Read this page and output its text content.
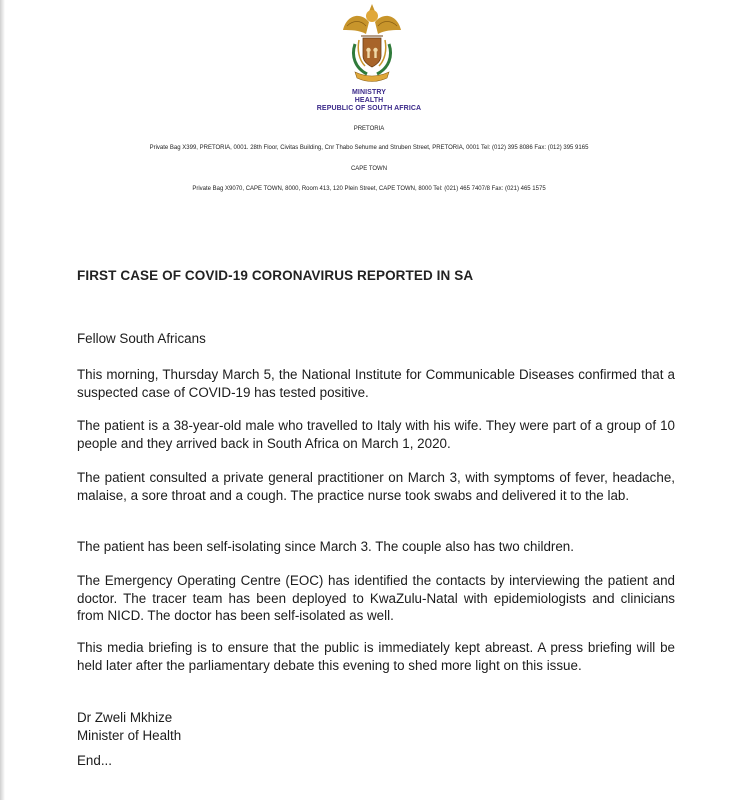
MINISTRY
HEALTH
REPUBLIC OF SOUTH AFRICA
PRETORIA
Private Bag X399, PRETORIA, 0001. 28th Floor, Civitas Building, Cnr Thabo Sehume and Struben Street, PRETORIA, 0001 Tel: (012) 395 8086 Fax: (012) 395 9165
CAPE TOWN
Private Bag X9070, CAPE TOWN, 8000, Room 413, 120 Plein Street, CAPE TOWN, 8000 Tel: (021) 465 7407/8 Fax: (021) 465 1575
FIRST CASE OF COVID-19 CORONAVIRUS REPORTED IN SA

Fellow South Africans

This morning, Thursday March 5, the National Institute for Communicable Diseases confirmed that a suspected case of COVID-19 has tested positive.

The patient is a 38-year-old male who travelled to Italy with his wife. They were part of a group of 10 people and they arrived back in South Africa on March 1, 2020.

The patient consulted a private general practitioner on March 3, with symptoms of fever, headache, malaise, a sore throat and a cough. The practice nurse took swabs and delivered it to the lab.

The patient has been self-isolating since March 3. The couple also has two children.

The Emergency Operating Centre (EOC) has identified the contacts by interviewing the patient and doctor. The tracer team has been deployed to KwaZulu-Natal with epidemiologists and clinicians from NICD. The doctor has been self-isolated as well.

This media briefing is to ensure that the public is immediately kept abreast. A press briefing will be held later after the parliamentary debate this evening to shed more light on this issue.

Dr Zweli Mkhize
Minister of Health
End...
